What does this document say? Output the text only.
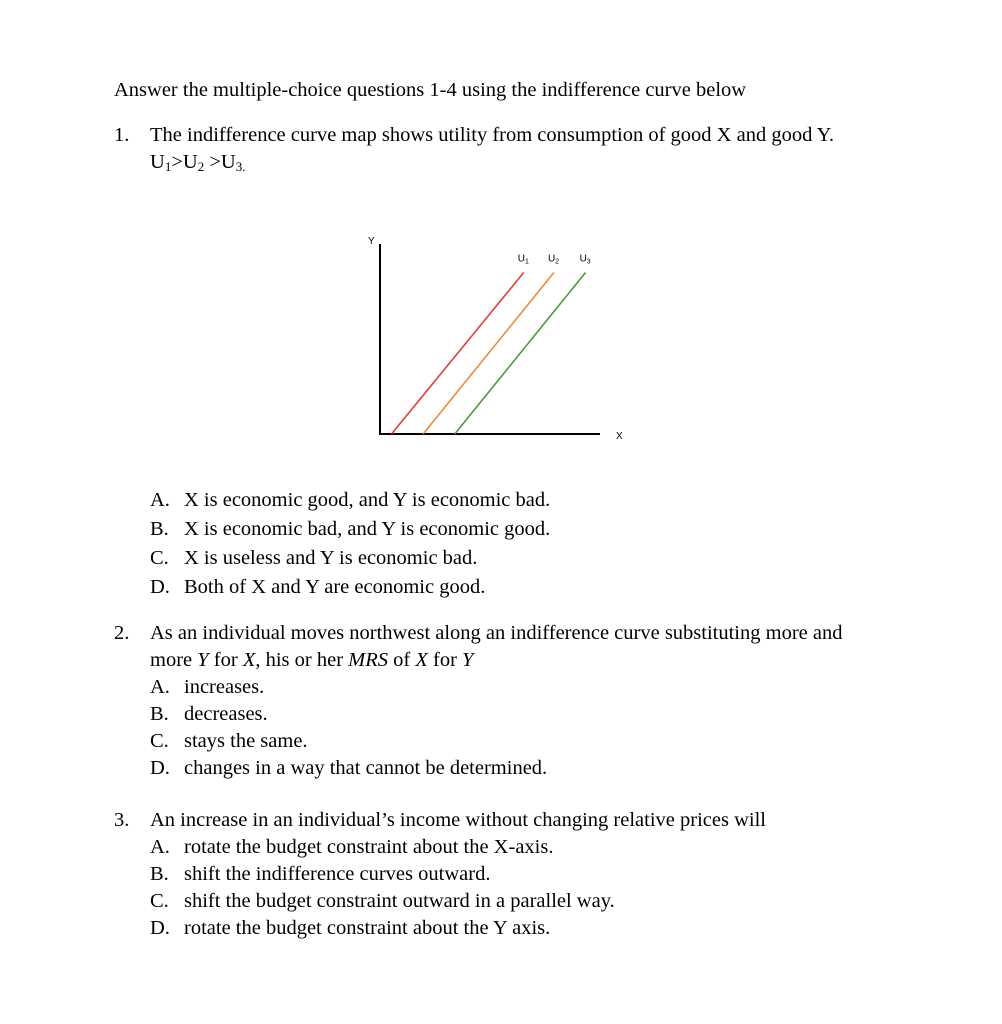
Answer the multiple-choice questions 1-4 using the indifference curve below
1. The indifference curve map shows utility from consumption of good X and good Y.
$U_1>U_2 >U_{3.}$
Y
X
$U_1$ $U_2$ $U_3$
A. X is economic good, and Y is economic bad.
B. X is economic bad, and Y is economic good.
C. X is useless and Y is economic bad.
D. Both of X and Y are economic good.
2. As an individual moves northwest along an indifference curve substituting more and
more Y for X, his or her MRS of X for Y
A. increases.
B. decreases.
C. stays the same.
D. changes in a way that cannot be determined.
3. An increase in an individual’s income without changing relative prices will
A. rotate the budget constraint about the X-axis.
B. shift the indifference curves outward.
C. shift the budget constraint outward in a parallel way.
D. rotate the budget constraint about the Y axis.
